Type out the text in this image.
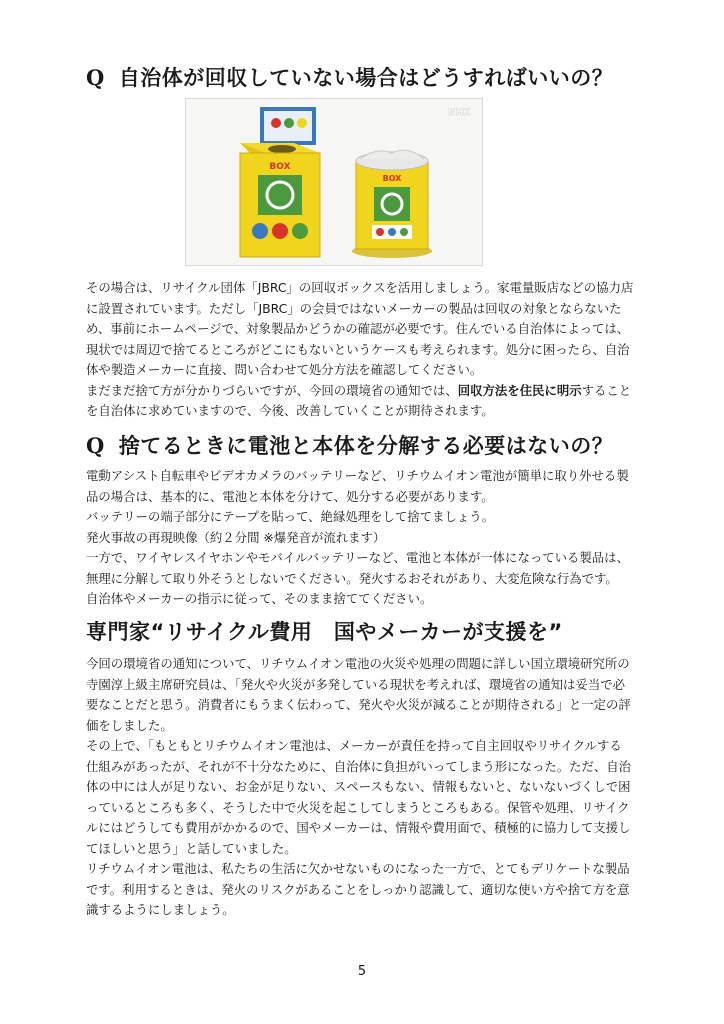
Q 自治体が回収していない場合はどうすればいいの？
BOX
BOX
NHK
その場合は、リサイクル団体「JBRC」の回収ボックスを活用しましょう。家電量販店などの協力店
に設置されています。ただし「JBRC」の会員ではないメーカーの製品は回収の対象とならないた
め、事前にホームページで、対象製品かどうかの確認が必要です。住んでいる自治体によっては、
現状では周辺で捨てるところがどこにもないというケースも考えられます。処分に困ったら、自治
体や製造メーカーに直接、問い合わせて処分方法を確認してください。
まだまだ捨て方が分かりづらいですが、今回の環境省の通知では、回収方法を住民に明示すること
を自治体に求めていますので、今後、改善していくことが期待されます。
Q 捨てるときに電池と本体を分解する必要はないの？
電動アシスト自転車やビデオカメラのバッテリーなど、リチウムイオン電池が簡単に取り外せる製
品の場合は、基本的に、電池と本体を分けて、処分する必要があります。
バッテリーの端子部分にテープを貼って、絶縁処理をして捨てましょう。
発火事故の再現映像（約２分間 ※爆発音が流れます）
一方で、ワイヤレスイヤホンやモバイルバッテリーなど、電池と本体が一体になっている製品は、
無理に分解して取り外そうとしないでください。発火するおそれがあり、大変危険な行為です。
自治体やメーカーの指示に従って、そのまま捨ててください。
専門家“リサイクル費用　国やメーカーが支援を”
今回の環境省の通知について、リチウムイオン電池の火災や処理の問題に詳しい国立環境研究所の
寺園淳上級主席研究員は、「発火や火災が多発している現状を考えれば、環境省の通知は妥当で必
要なことだと思う。消費者にもうまく伝わって、発火や火災が減ることが期待される」と一定の評
価をしました。
その上で、「もともとリチウムイオン電池は、メーカーが責任を持って自主回収やリサイクルする
仕組みがあったが、それが不十分なために、自治体に負担がいってしまう形になった。ただ、自治
体の中には人が足りない、お金が足りない、スペースもない、情報もないと、ないないづくしで困
っているところも多く、そうした中で火災を起こしてしまうところもある。保管や処理、リサイク
ルにはどうしても費用がかかるので、国やメーカーは、情報や費用面で、積極的に協力して支援し
てほしいと思う」と話していました。
リチウムイオン電池は、私たちの生活に欠かせないものになった一方で、とてもデリケートな製品
です。利用するときは、発火のリスクがあることをしっかり認識して、適切な使い方や捨て方を意
識するようにしましょう。
5
